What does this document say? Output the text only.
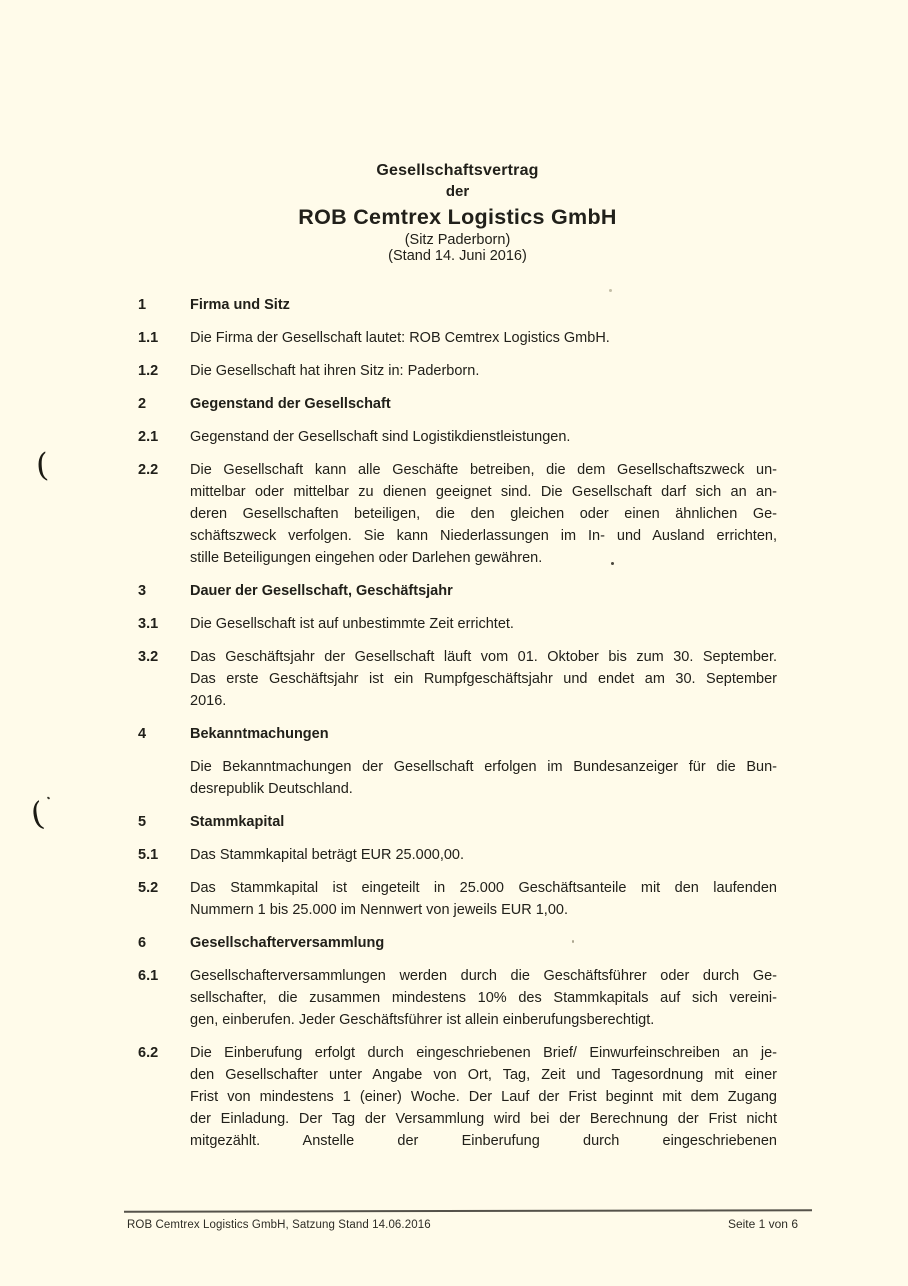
(
(
Gesellschaftsvertrag
der
ROB Cemtrex Logistics GmbH
(Sitz Paderborn)
(Stand 14. Juni 2016)
1	Firma und Sitz
1.1	Die Firma der Gesellschaft lautet: ROB Cemtrex Logistics GmbH.
1.2	Die Gesellschaft hat ihren Sitz in: Paderborn.
2	Gegenstand der Gesellschaft
2.1	Gegenstand der Gesellschaft sind Logistikdienstleistungen.
2.2	Die Gesellschaft kann alle Geschäfte betreiben, die dem Gesellschaftszweck un-
mittelbar oder mittelbar zu dienen geeignet sind. Die Gesellschaft darf sich an an-
deren Gesellschaften beteiligen, die den gleichen oder einen ähnlichen Ge-
schäftszweck verfolgen. Sie kann Niederlassungen im In- und Ausland errichten,
stille Beteiligungen eingehen oder Darlehen gewähren.
3	Dauer der Gesellschaft, Geschäftsjahr
3.1	Die Gesellschaft ist auf unbestimmte Zeit errichtet.
3.2	Das Geschäftsjahr der Gesellschaft läuft vom 01. Oktober bis zum 30. September.
Das erste Geschäftsjahr ist ein Rumpfgeschäftsjahr und endet am 30. September
2016.
4	Bekanntmachungen
Die Bekanntmachungen der Gesellschaft erfolgen im Bundesanzeiger für die Bun-
desrepublik Deutschland.
5	Stammkapital
5.1	Das Stammkapital beträgt EUR 25.000,00.
5.2	Das Stammkapital ist eingeteilt in 25.000 Geschäftsanteile mit den laufenden
Nummern 1 bis 25.000 im Nennwert von jeweils EUR 1,00.
6	Gesellschafterversammlung
6.1	Gesellschafterversammlungen werden durch die Geschäftsführer oder durch Ge-
sellschafter, die zusammen mindestens 10% des Stammkapitals auf sich vereini-
gen, einberufen. Jeder Geschäftsführer ist allein einberufungsberechtigt.
6.2	Die Einberufung erfolgt durch eingeschriebenen Brief/ Einwurfeinschreiben an je-
den Gesellschafter unter Angabe von Ort, Tag, Zeit und Tagesordnung mit einer
Frist von mindestens 1 (einer) Woche. Der Lauf der Frist beginnt mit dem Zugang
der Einladung. Der Tag der Versammlung wird bei der Berechnung der Frist nicht
mitgezählt. Anstelle der Einberufung durch eingeschriebenen
ROB Cemtrex Logistics GmbH, Satzung Stand 14.06.2016	Seite 1 von 6
